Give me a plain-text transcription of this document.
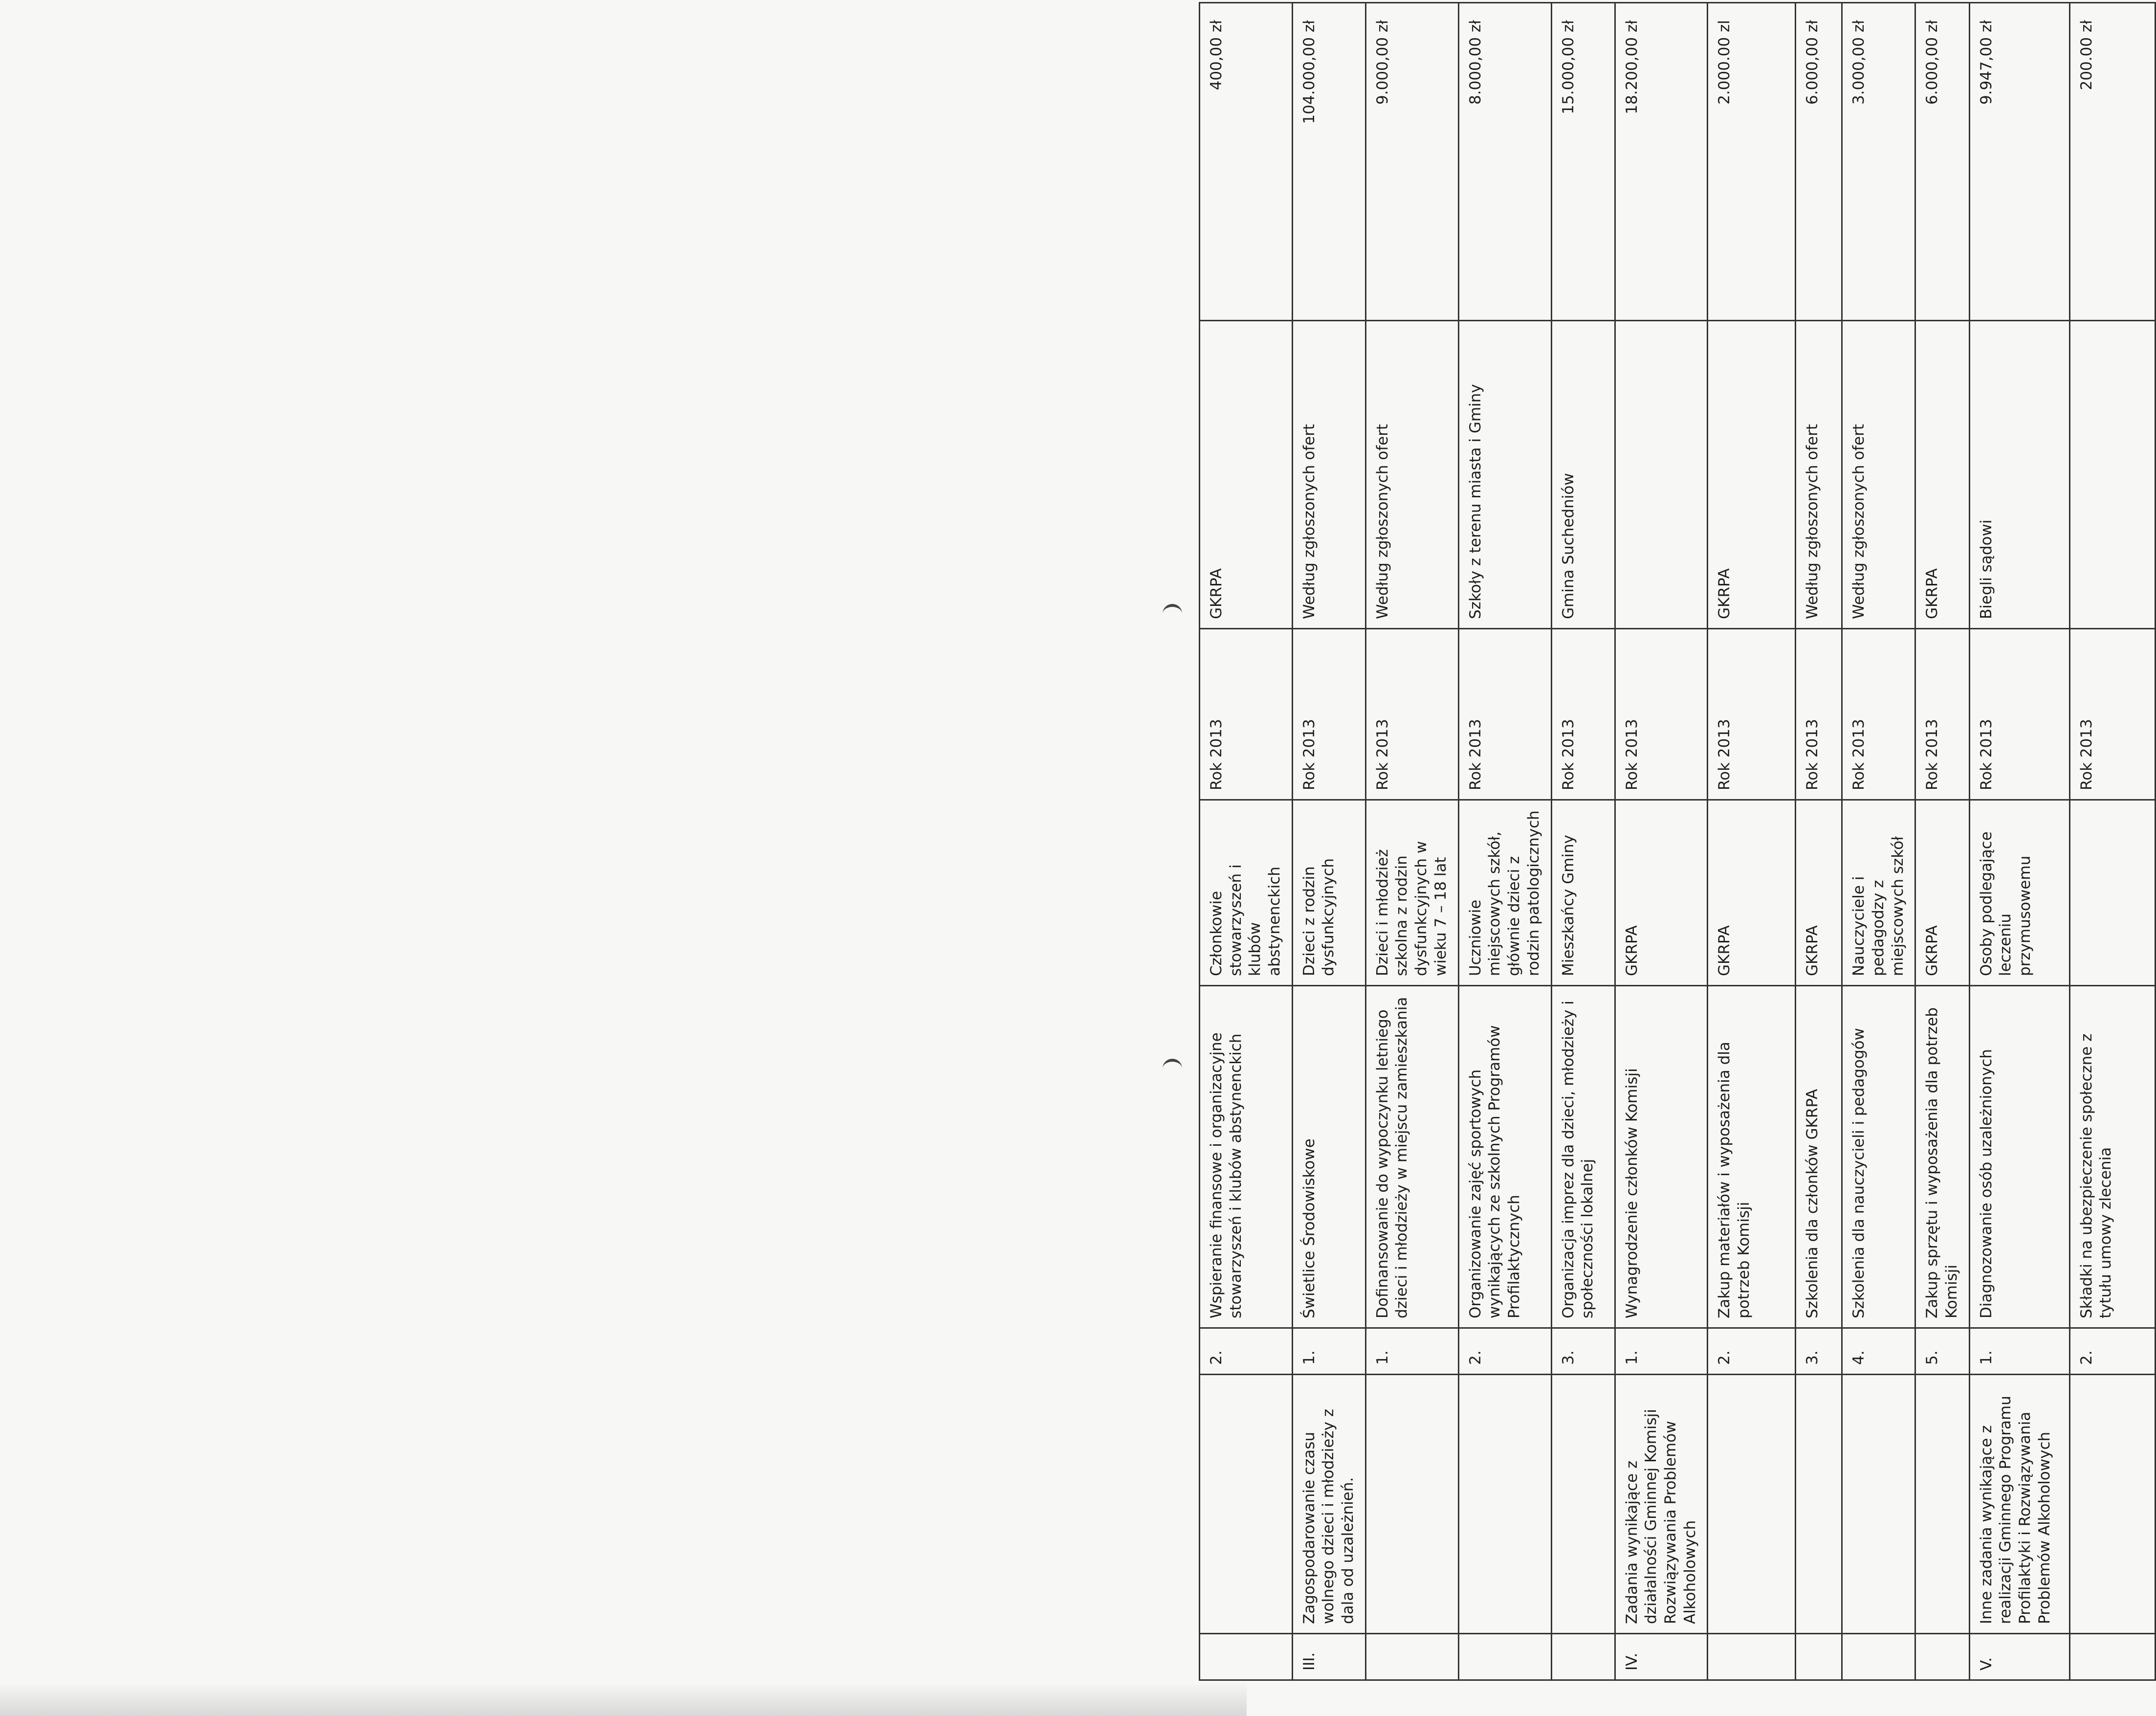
		2.	Wspieranie finansowe i organizacyjne stowarzyszeń i klubów abstynenckich	Członkowie stowarzyszeń i klubów abstynenckich	Rok 2013	GKRPA	400,00 zł
III.	Zagospodarowanie czasu wolnego dzieci i młodzieży z dala od uzależnień.	1.	Świetlice Środowiskowe	Dzieci z rodzin dysfunkcyjnych	Rok 2013	Według zgłoszonych ofert	104.000,00 zł
		1.	Dofinansowanie do wypoczynku letniego dzieci i młodzieży w miejscu zamieszkania	Dzieci i młodzież szkolna z rodzin dysfunkcyjnych w wieku 7 – 18 lat	Rok 2013	Według zgłoszonych ofert	9.000,00 zł
		2.	Organizowanie zajęć sportowych wynikających ze szkolnych Programów Profilaktycznych	Uczniowie miejscowych szkół, głównie dzieci z rodzin patologicznych	Rok 2013	Szkoły z terenu miasta i Gminy	8.000,00 zł
		3.	Organizacja imprez dla dzieci, młodzieży i społeczności lokalnej	Mieszkańcy Gminy	Rok 2013	Gmina Suchedniów	15.000,00 zł
IV.	Zadania wynikające z działalności Gminnej Komisji Rozwiązywania Problemów Alkoholowych	1.	Wynagrodzenie członków Komisji	GKRPA	Rok 2013		18.200,00 zł
		2.	Zakup materiałów i wyposażenia dla potrzeb Komisji	GKRPA	Rok 2013	GKRPA	2.000.00 zl
		3.	Szkolenia dla członków GKRPA	GKRPA	Rok 2013	Według zgłoszonych ofert	6.000,00 zł
		4.	Szkolenia dla nauczycieli i pedagogów	Nauczyciele i pedagodzy z miejscowych szkół	Rok 2013	Według zgłoszonych ofert	3.000,00 zł
		5.	Zakup sprzętu i wyposażenia dla potrzeb Komisji	GKRPA	Rok 2013	GKRPA	6.000,00 zł
V.	Inne zadania wynikające z realizacji Gminnego Programu Profilaktyki i Rozwiązywania Problemów Alkoholowych	1.	Diagnozowanie osób uzależnionych	Osoby podlegające leczeniu przymusowemu	Rok 2013	Biegli sądowi	9.947,00 zł
		2.	Składki na ubezpieczenie społeczne z tytułu umowy zlecenia		Rok 2013		200.00 zł
